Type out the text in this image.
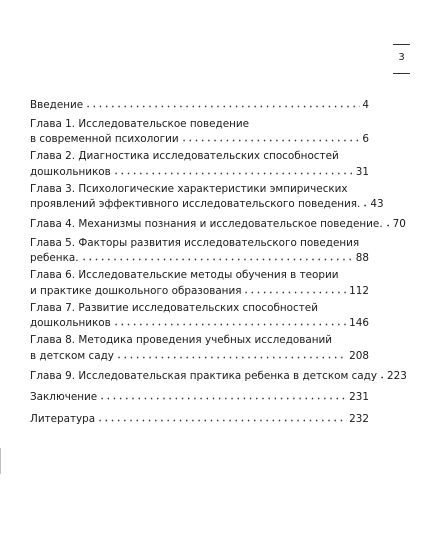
3
Введение	4
Глава 1. Исследовательское поведение
в современной психологии	6
Глава 2. Диагностика исследовательских способностей
дошкольников	31
Глава 3. Психологические характеристики эмпирических
проявлений эффективного исследовательского поведения. 43
Глава 4. Механизмы познания и исследовательское поведение. 70
Глава 5. Факторы развития исследовательского поведения
ребенка.	88
Глава 6. Исследовательские методы обучения в теории
и практике дошкольного образования	112
Глава 7. Развитие исследовательских способностей
дошкольников	146
Глава 8. Методика проведения учебных исследований
в детском саду	208
Глава 9. Исследовательская практика ребенка в детском саду 223
Заключение	231
Литература	232
